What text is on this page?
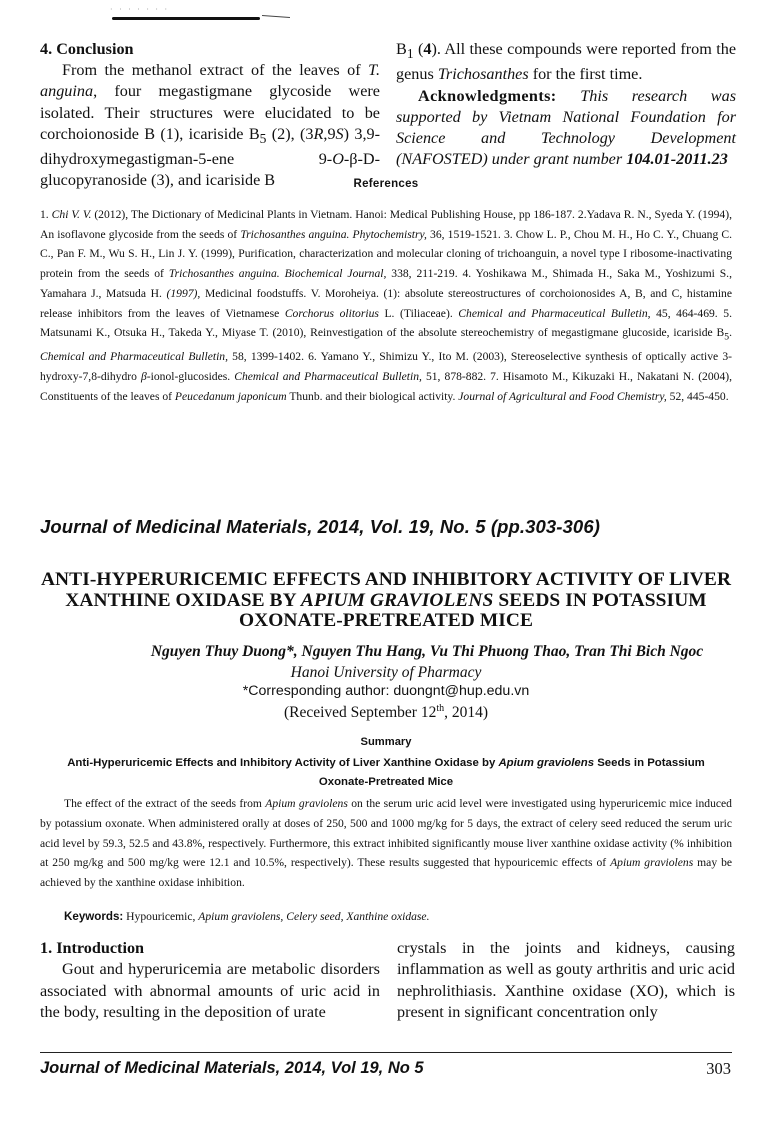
· · · · · · ·

4. Conclusion

From the methanol extract of the leaves of T. anguina, four megastigmane glycoside were isolated. Their structures were elucidated to be corchoionoside B (1), icariside $B_5$ (2), (3R,9S) 3,9-dihydroxymegastigman-5-ene 9-O-β-D-glucopyranoside (3), and icariside B

$B_1$ (4). All these compounds were reported from the genus Trichosanthes for the first time.

Acknowledgments: This research was supported by Vietnam National Foundation for Science and Technology Development (NAFOSTED) under grant number 104.01-2011.23

References

1. Chi V. V. (2012), The Dictionary of Medicinal Plants in Vietnam. Hanoi: Medical Publishing House, pp 186-187. 2.Yadava R. N., Syeda Y. (1994), An isoflavone glycoside from the seeds of Trichosanthes anguina. Phytochemistry, 36, 1519-1521. 3. Chow L. P., Chou M. H., Ho C. Y., Chuang C. C., Pan F. M., Wu S. H., Lin J. Y. (1999), Purification, characterization and molecular cloning of trichoanguin, a novel type I ribosome-inactivating protein from the seeds of Trichosanthes anguina. Biochemical Journal, 338, 211-219. 4. Yoshikawa M., Shimada H., Saka M., Yoshizumi S., Yamahara J., Matsuda H. (1997), Medicinal foodstuffs. V. Moroheiya. (1): absolute stereostructures of corchoionosides A, B, and C, histamine release inhibitors from the leaves of Vietnamese Corchorus olitorius L. (Tiliaceae). Chemical and Pharmaceutical Bulletin, 45, 464-469. 5. Matsunami K., Otsuka H., Takeda Y., Miyase T. (2010), Reinvestigation of the absolute stereochemistry of megastigmane glucoside, icariside $B_5$. Chemical and Pharmaceutical Bulletin, 58, 1399-1402. 6. Yamano Y., Shimizu Y., Ito M. (2003), Stereoselective synthesis of optically active 3-hydroxy-7,8-dihydro β-ionol-glucosides. Chemical and Pharmaceutical Bulletin, 51, 878-882. 7. Hisamoto M., Kikuzaki H., Nakatani N. (2004), Constituents of the leaves of Peucedanum japonicum Thunb. and their biological activity. Journal of Agricultural and Food Chemistry, 52, 445-450.

Journal of Medicinal Materials, 2014, Vol. 19, No. 5 (pp.303-306)
ANTI-HYPERURICEMIC EFFECTS AND INHIBITORY ACTIVITY OF LIVER XANTHINE OXIDASE BY APIUM GRAVIOLENS SEEDS IN POTASSIUM OXONATE-PRETREATED MICE
Nguyen Thuy Duong*, Nguyen Thu Hang, Vu Thi Phuong Thao, Tran Thi Bich Ngoc
Hanoi University of Pharmacy
*Corresponding author: duongnt@hup.edu.vn
(Received September 12th, 2014)
Summary

Anti-Hyperuricemic Effects and Inhibitory Activity of Liver Xanthine Oxidase by Apium graviolens Seeds in Potassium Oxonate-Pretreated Mice

The effect of the extract of the seeds from Apium graviolens on the serum uric acid level were investigated using hyperuricemic mice induced by potassium oxonate. When administered orally at doses of 250, 500 and 1000 mg/kg for 5 days, the extract of celery seed reduced the serum uric acid level by 59.3, 52.5 and 43.8%, respectively. Furthermore, this extract inhibited significantly mouse liver xanthine oxidase activity (% inhibition at 250 mg/kg and 500 mg/kg were 12.1 and 10.5%, respectively). These results suggested that hypouricemic effects of Apium graviolens may be achieved by the xanthine oxidase inhibition.

Keywords: Hypouricemic, Apium graviolens, Celery seed, Xanthine oxidase.

1. Introduction

Gout and hyperuricemia are metabolic disorders associated with abnormal amounts of uric acid in the body, resulting in the deposition of urate

crystals in the joints and kidneys, causing inflammation as well as gouty arthritis and uric acid nephrolithiasis. Xanthine oxidase (XO), which is present in significant concentration only

Journal of Medicinal Materials, 2014, Vol 19, No 5	303
